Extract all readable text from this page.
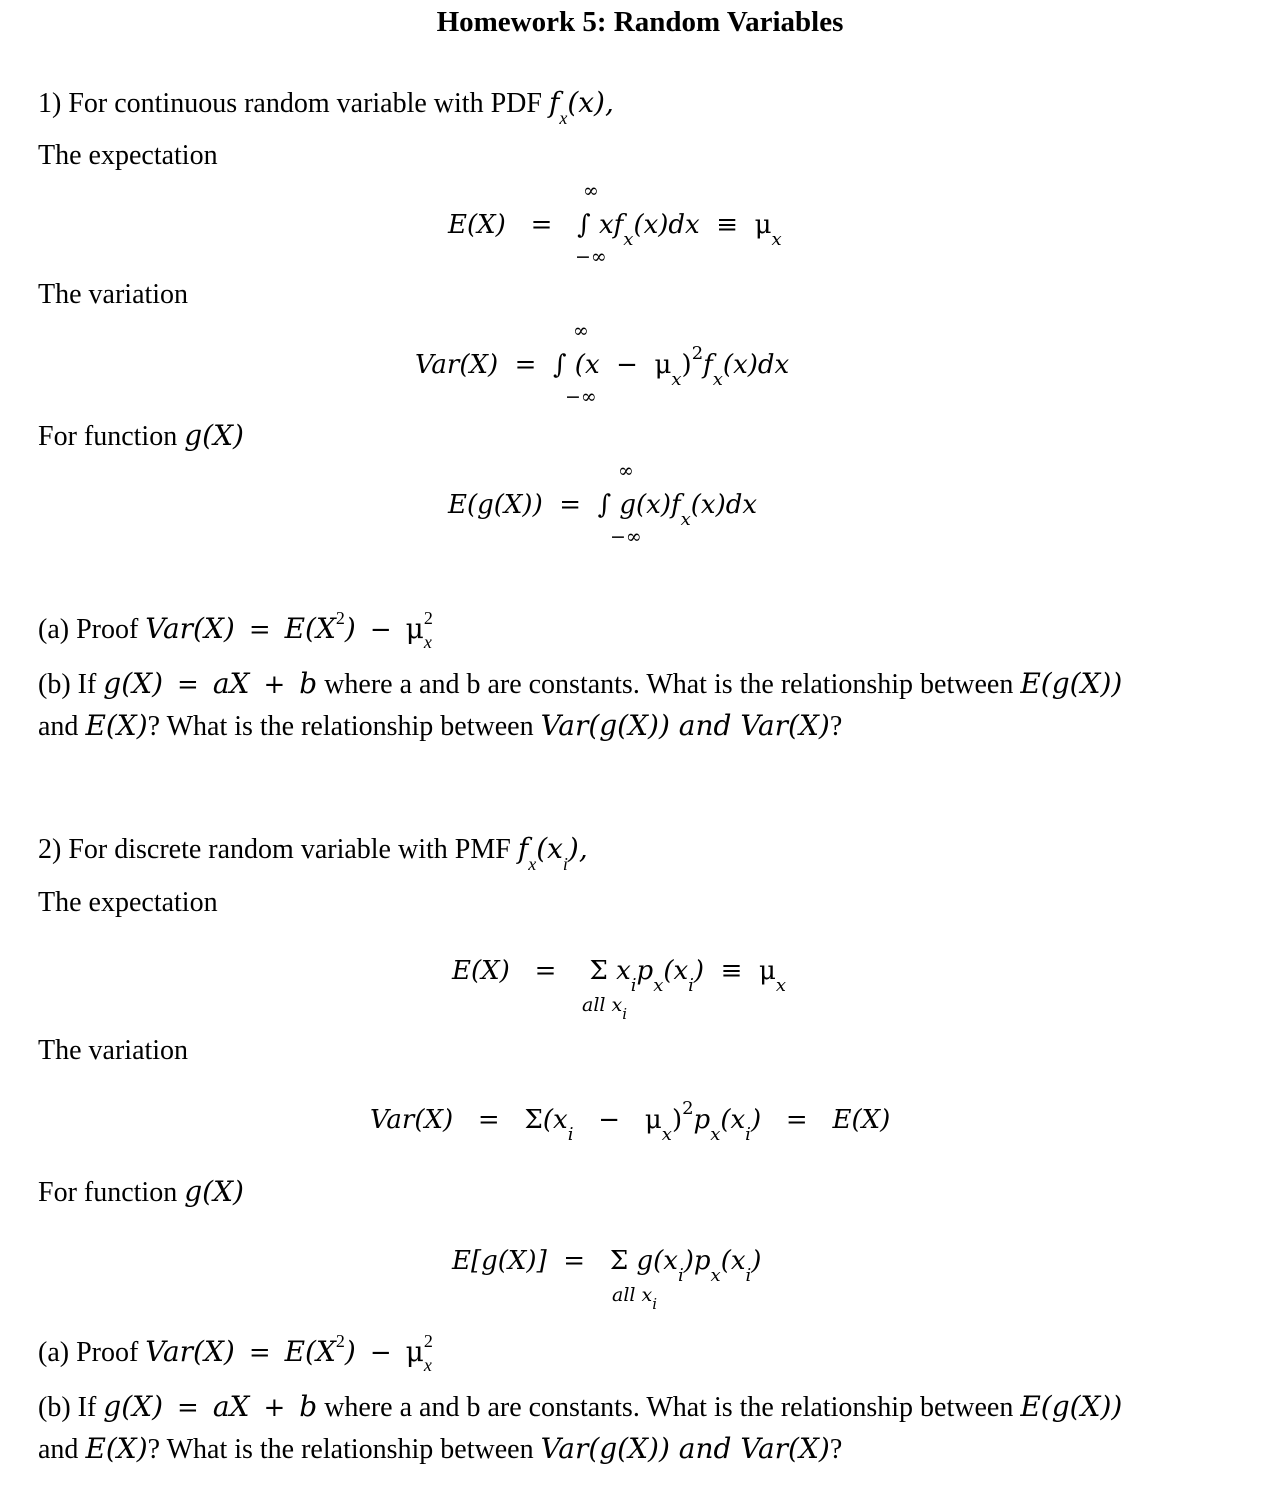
Homework 5: Random Variables
1) For continuous random variable with PDF $f_x(x)$,
The expectation
∞
−∞
E(X) = ∫ $xf_x(x)dx \equiv \mu_x$
The variation
∞
−∞
Var(X) = ∫ $(x - \mu_x)^2f_x(x)dx$
For function g(X)
∞
−∞
E(g(X)) = ∫ $g(x)f_x(x)dx$
(a) Proof $Var(X) = E(X^2) - \mu$ 2
x
(b) If g(X) = aX + b where a and b are constants. What is the relationship between E(g(X))
and E(X)? What is the relationship between Var(g(X)) and Var(X)?
2) For discrete random variable with PMF $f_x(x_i)$,
The expectation
all $x_i$
E(X) = Σ $x_ip_x(x_i) \equiv \mu_x$
The variation
$Var(X) = \Sigma(x_i - \mu_x)^2p_x(x_i) = E(X)$
For function g(X)
all $x_i$
E[g(X)] = Σ $g(x_i)p_x(x_i)$
(a) Proof $Var(X) = E(X^2) - \mu$ 2
x
(b) If g(X) = aX + b where a and b are constants. What is the relationship between E(g(X))
and E(X)? What is the relationship between Var(g(X)) and Var(X)?
